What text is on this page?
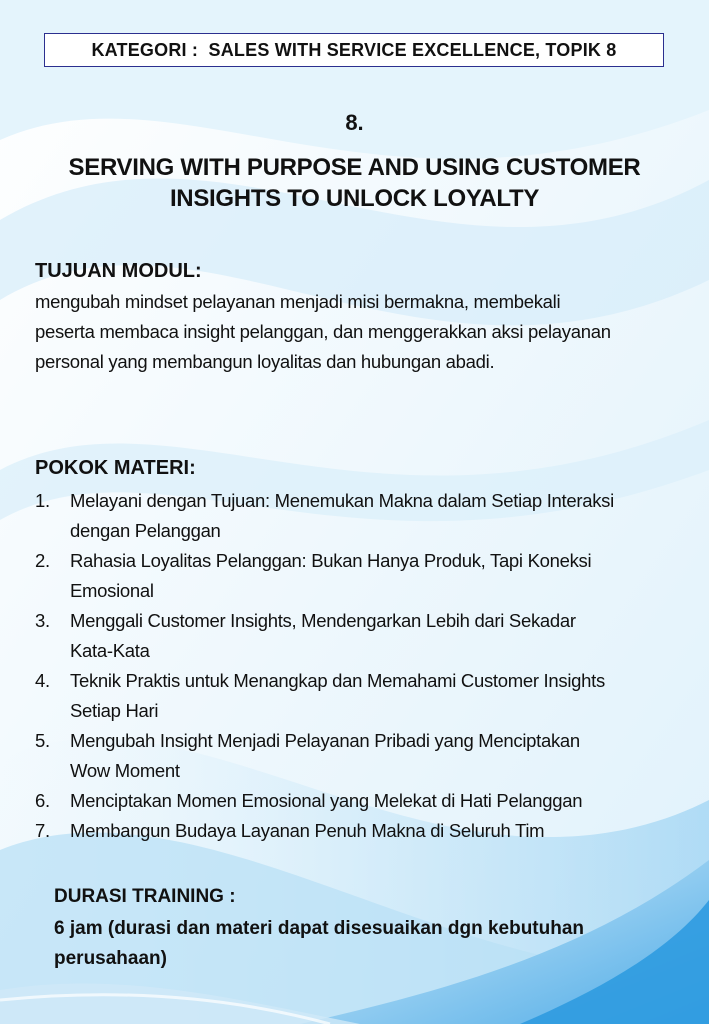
KATEGORI :  SALES WITH SERVICE EXCELLENCE, TOPIK 8
8.
SERVING WITH PURPOSE AND USING CUSTOMER
INSIGHTS TO UNLOCK LOYALTY
TUJUAN MODUL:
mengubah mindset pelayanan menjadi misi bermakna, membekali
peserta membaca insight pelanggan, dan menggerakkan aksi pelayanan
personal yang membangun loyalitas dan hubungan abadi.
POKOK MATERI:
1. Melayani dengan Tujuan: Menemukan Makna dalam Setiap Interaksi
dengan Pelanggan
2. Rahasia Loyalitas Pelanggan: Bukan Hanya Produk, Tapi Koneksi
Emosional
3. Menggali Customer Insights, Mendengarkan Lebih dari Sekadar
Kata-Kata
4. Teknik Praktis untuk Menangkap dan Memahami Customer Insights
Setiap Hari
5. Mengubah Insight Menjadi Pelayanan Pribadi yang Menciptakan
Wow Moment
6. Menciptakan Momen Emosional yang Melekat di Hati Pelanggan
7. Membangun Budaya Layanan Penuh Makna di Seluruh Tim
DURASI TRAINING :
6 jam (durasi dan materi dapat disesuaikan dgn kebutuhan
perusahaan)
